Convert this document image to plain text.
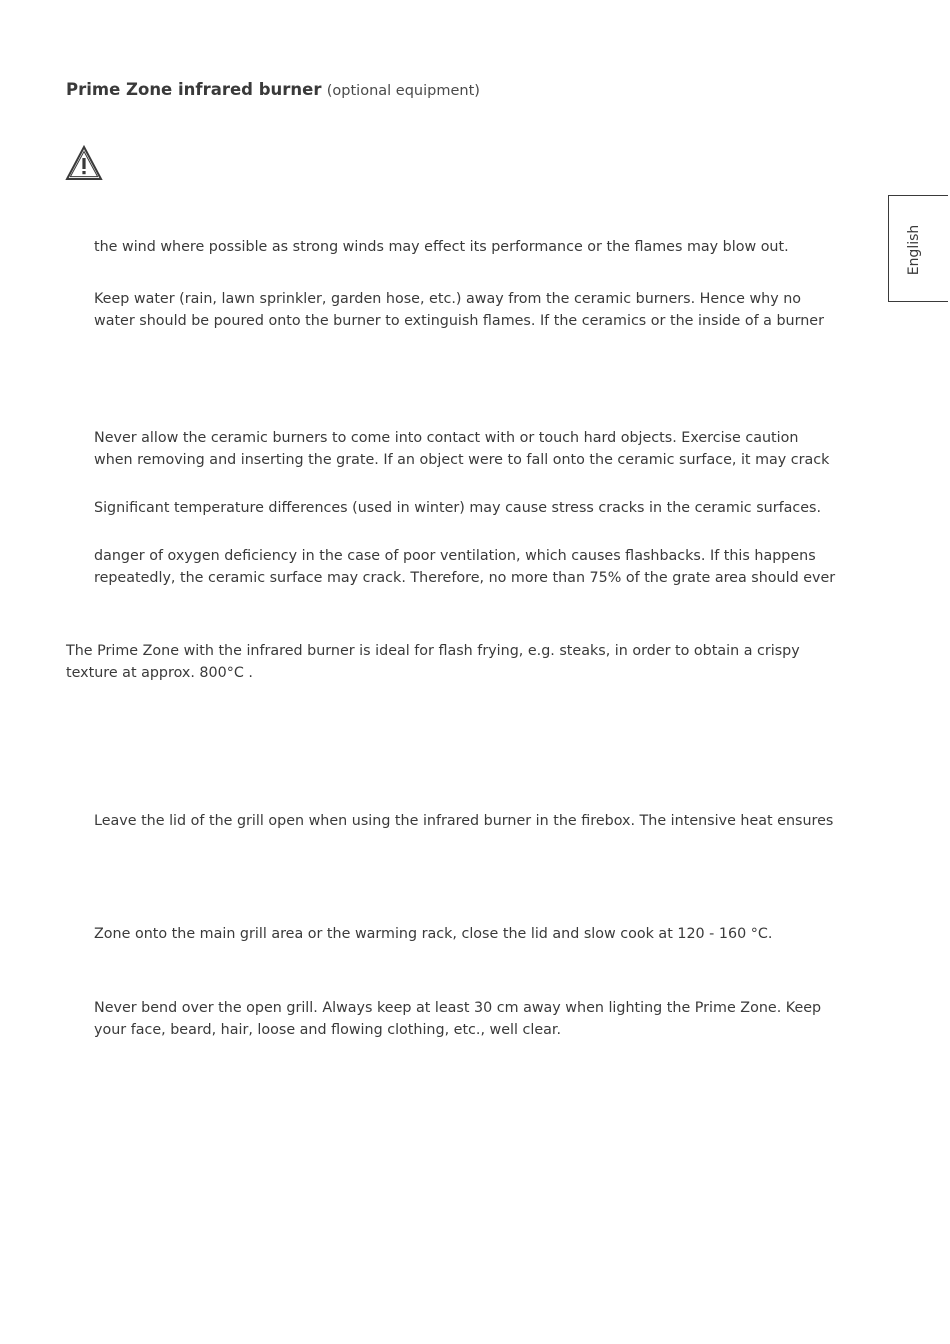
Prime Zone infrared burner (optional equipment)
English
the wind where possible as strong winds may effect its performance or the flames may blow out.
Keep water (rain, lawn sprinkler, garden hose, etc.) away from the ceramic burners. Hence why no
water should be poured onto the burner to extinguish flames. If the ceramics or the inside of a burner
Never allow the ceramic burners to come into contact with or touch hard objects. Exercise caution
when removing and inserting the grate. If an object were to fall onto the ceramic surface, it may crack
Significant temperature differences (used in winter) may cause stress cracks in the ceramic surfaces.
danger of oxygen deficiency in the case of poor ventilation, which causes flashbacks. If this happens
repeatedly, the ceramic surface may crack. Therefore, no more than 75% of the grate area should ever
The Prime Zone with the infrared burner is ideal for flash frying, e.g. steaks, in order to obtain a crispy
texture at approx. 800°C .
Leave the lid of the grill open when using the infrared burner in the firebox. The intensive heat ensures
Zone onto the main grill area or the warming rack, close the lid and slow cook at 120 - 160 °C.
Never bend over the open grill. Always keep at least 30 cm away when lighting the Prime Zone. Keep
your face, beard, hair, loose and flowing clothing, etc., well clear.
